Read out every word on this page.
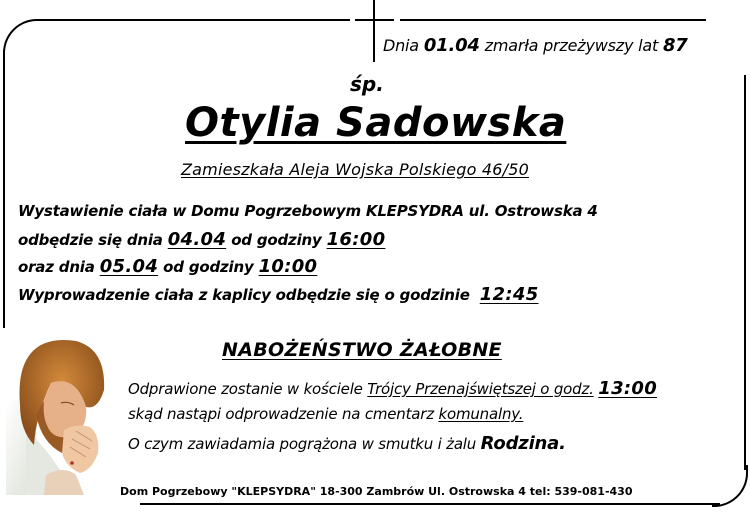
Dnia 01.04 zmarła przeżywszy lat 87
śp.
Otylia Sadowska
Zamieszkała Aleja Wojska Polskiego 46/50
Wystawienie ciała w Domu Pogrzebowym KLEPSYDRA ul. Ostrowska 4
odbędzie się dnia 04.04 od godziny 16:00
oraz dnia 05.04 od godziny 10:00
Wyprowadzenie ciała z kaplicy odbędzie się o godzinie 12:45
NABOŻEŃSTWO ŻAŁOBNE
Odprawione zostanie w kościele Trójcy Przenajświętszej o godz. 13:00
skąd nastąpi odprowadzenie na cmentarz komunalny.
O czym zawiadamia pogrążona w smutku i żalu Rodzina.
Dom Pogrzebowy "KLEPSYDRA" 18-300 Zambrów Ul. Ostrowska 4 tel: 539-081-430
